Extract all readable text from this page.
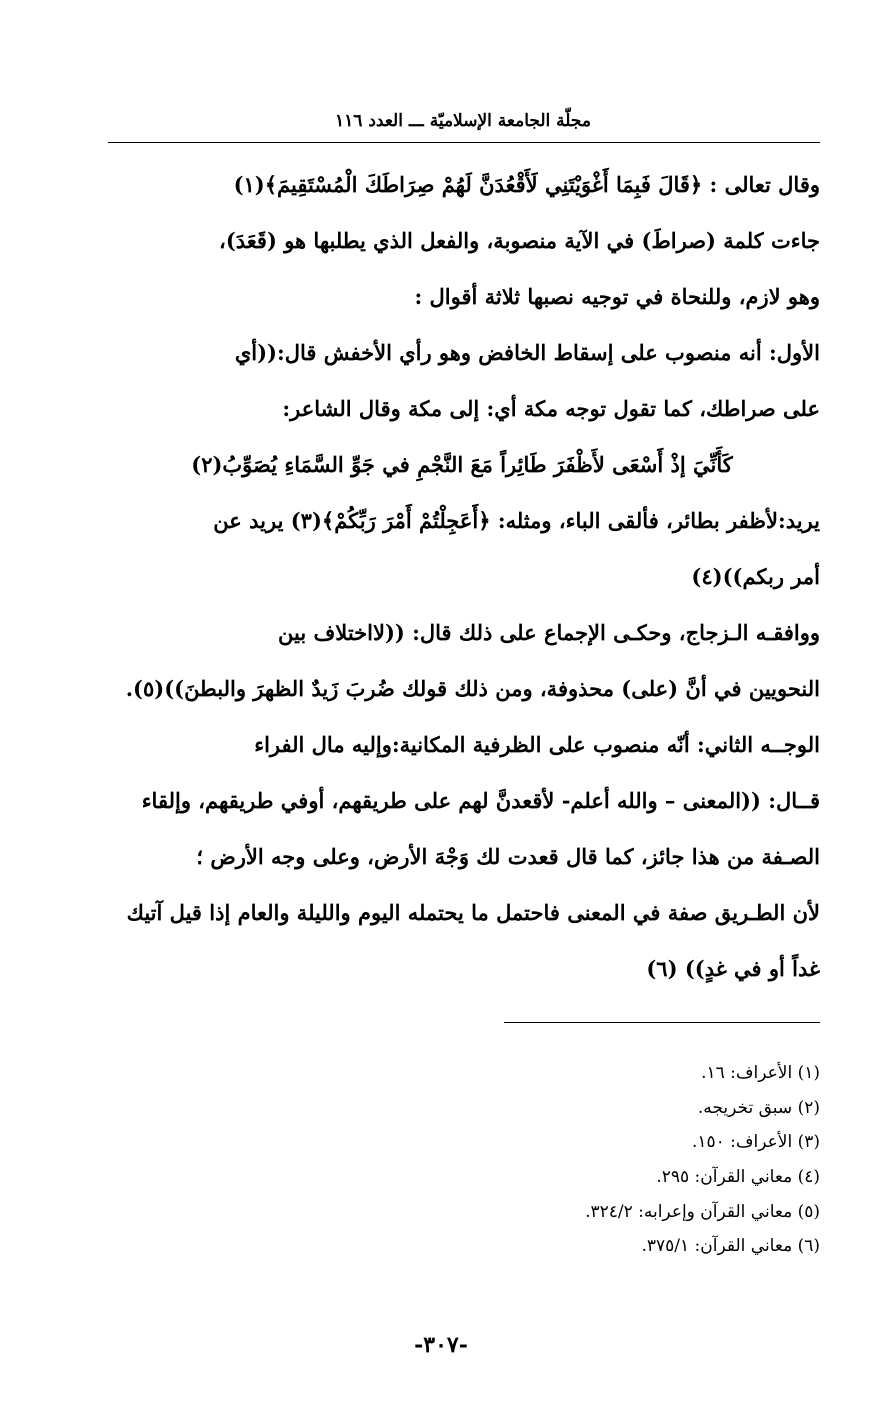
مجلّة الجامعة الإسلاميّة ـــ العدد ١١٦
وقال تعالى : ﴿قَالَ فَبِمَا أَغْوَيْتَنِي لَأَقْعُدَنَّ لَهُمْ صِرَاطَكَ الْمُسْتَقِيمَ﴾(١)
جاءت كلمة (صراطَ) في الآية منصوبة، والفعل الذي يطلبها هو (قَعَدَ)،
وهو لازم، وللنحاة في توجيه نصبها ثلاثة أقوال :
الأول: أنه منصوب على إسقاط الخافض وهو رأي الأخفش قال:((أي
على صراطك، كما تقول توجه مكة أي: إلى مكة وقال الشاعر:
كَأَنِّيَ إذْ أَسْعَى لأَظْفَرَ طَائِراً مَعَ النَّجْمِ في جَوِّ السَّمَاءِ يُصَوِّبُ(٢)
يريد:لأظفر بطائر، فألقى الباء، ومثله: ﴿أَعَجِلْتُمْ أَمْرَ رَبِّكُمْ﴾(٣) يريد عن
أمر ربكم))(٤)
ووافقـه الـزجاج، وحكـى الإجماع على ذلك قال: ((لااختلاف بين
النحويين في أنَّ (على) محذوفة، ومن ذلك قولك ضُربَ زَيدٌ الظهرَ والبطنَ))(٥).
الوجــه الثاني: أنّه منصوب على الظرفية المكانية:وإليه مال الفراء
قــال: ((المعنى – والله أعلم- لأقعدنَّ لهم على طريقهم، أوفي طريقهم، وإلقاء
الصـفة من هذا جائز، كما قال قعدت لك وَجْهَ الأرض، وعلى وجه الأرض ؛
لأن الطـريق صفة في المعنى فاحتمل ما يحتمله اليوم والليلة والعام إذا قيل آتيك
غداً أو في غدٍ)) (٦)
(١) الأعراف: ١٦.
(٢) سبق تخريجه.
(٣) الأعراف: ١٥٠.
(٤) معاني القرآن: ٢٩٥.
(٥) معاني القرآن وإعرابه: ٣٢٤/٢.
(٦) معاني القرآن: ٣٧٥/١.
-٣٠٧-
